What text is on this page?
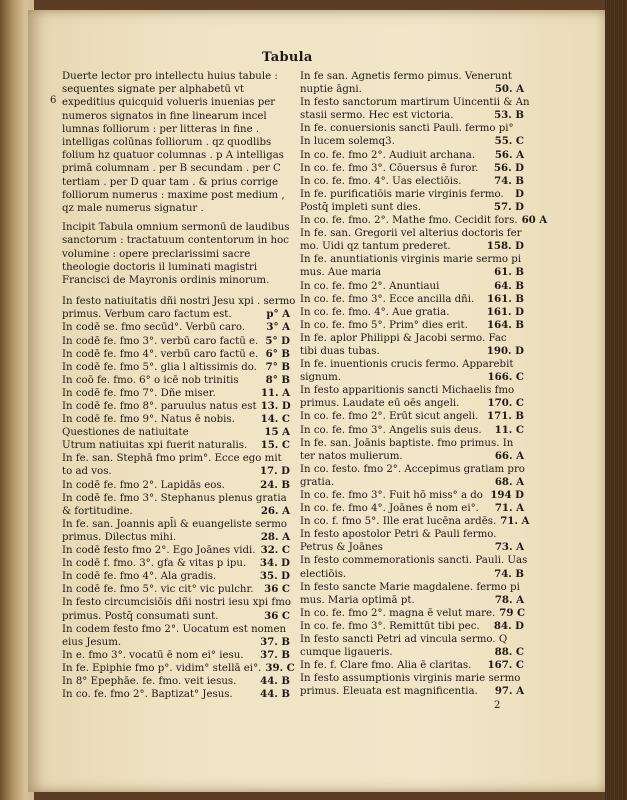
Tabula
6

Duerte lector pro intellectu huius tabule : sequentes signate per alphabetū vt expeditius quicquid volueris inuenias per numeros signatos in fine linearum incel lumnas folliorum : per litteras in fine . intelligas colūnas folliorum . qz quodlibs folium hz quatuor columnas . p A intelligas primā columnam . per B secundam . per C tertiam . per D quar tam . & prius corrige folliorum numerus : maxime post medium , qz male numerus signatur .

Incipit Tabula omnium sermonū de laudibus sanctorum : tractatuum contentorum in hoc volumine : opere preclarissimi sacre theologie doctoris il luminati magistri Francisci de Mayronis ordinis minorum.

In festo natiuitatis dñi nostri Jesu xpi . sermo
primus. Verbum caro factum est.	p° A
In codē se. fmo secūd°. Verbū caro.	3° A
In codē fe. fmo 3°. verbū caro factū e. 5° D
In codē fe. fmo 4°. verbū caro factū e. 6° B
In codē fe. fmo 5°. glia l altissimis do. 7° B
In coō fe. fmo. 6° o icē nob trinitis	8° B
In codē fe. fmo 7°. Dñe miser.	11. A
In codē fe. fmo 8°. paruulus natus est 13. D
In codē fe. fmo 9°. Natus ē nobis.	14. C
Questiones de natiuitate	15 A
Utrum natiuitas xpi fuerit naturalis.	15. C
In fe. san. Stephā fmo prim°. Ecce ego mit
to ad vos.	17. D
In codē fe. fmo 2°. Lapidās eos.	24. B
In codē fe. fmo 3°. Stephanus plenus gratia
& fortitudine.	26. A
In fe. san. Joannis apl̄i & euangeliste sermo
primus. Dilectus mihi.	28. A
In codē festo fmo 2°. Ego Joānes vidi. 32. C
In codē f. fmo. 3°. gfa & vitas p ipu.	34. D
In codē fe. fmo 4°. Ala gradis.	35. D
In codē fe. fmo 5°. vic cit° vic pulchr.	36 C
In festo circumcisiōis dñi nostri iesu xpi fmo
primus. Postq̄ consumati sunt.	36 C
In codem festo fmo 2°. Uocatum est nomen
eius Jesum.	37. B
In e. fmo 3°. vocatū ē nom ei° iesu.	37. B
In fe. Epiphie fmo p°. vidim° stellā ei°. 39. C
In 8° Epephāe. fe. fmo. veit iesus.	44. B
In co. fe. fmo 2°. Baptizat° Jesus.	44. B
In fe san. Agnetis fermo pimus. Venerunt
nuptie āgni.	50. A
In festo sanctorum martirum Uincentii & An
stasii sermo. Hec est victoria.	53. B
In fe. conuersionis sancti Pauli. fermo pi°
In lucem solemq3.	55. C
In co. fe. fmo 2°. Audiuit archana.	56. A
In co. fe. fmo 3°. Cōuersus ē furor.	56. D
In co. fe. fmo. 4°. Uas electiōis.	74. B
In fe. purificatiōis marie virginis fermo.	D
Postq̄ impleti sunt dies.	57. D
In co. fe. fmo. 2°. Mathe fmo. Cecidit fors. 60 A
In fe. san. Gregorii vel alterius doctoris fer
mo. Uidi qz tantum prederet.	158. D
In fe. anuntiationis virginis marie sermo pi
mus. Aue maria	61. B
In co. fe. fmo 2°. Anuntiaui	64. B
In co. fe. fmo 3°. Ecce ancilla dñi.	161. B
In co. fe. fmo. 4°. Aue gratia.	161. D
In co. fe. fmo 5°. Prim° dies erit.	164. B
In fe. aplor Philippi & Jacobi sermo. Fac
tibi duas tubas.	190. D
In fe. inuentionis crucis fermo. Apparebit
signum.	166. C
In festo apparitionis sancti Michaelis fmo
primus. Laudate eū oēs angeli.	170. C
In co. fe. fmo 2°. Erūt sicut angeli. 171. B
In co. fe. fmo 3°. Angelis suis deus.	11. C
In fe. san. Joānis baptiste. fmo primus. In
ter natos mulierum.	66. A
In co. festo. fmo 2°. Accepimus gratiam pro
gratia.	68. A
In co. fe. fmo 3°. Fuit hō miss° a do 194 D
In co. fe. fmo 4°. Joānes ē nom ei°.	71. A
In co. f. fmo 5°. Ille erat lucēna ardēs. 71. A
In festo apostolor Petri & Pauli fermo.
Petrus & Joānes	73. A
In festo commemorationis sancti. Pauli. Uas
electiōis.	74. B
In festo sancte Marie magdalene. fermo pi
mus. Maria optimā pt.	78. A
In co. fe. fmo 2°. magna ē velut mare. 79 C
In co. fe. fmo 3°. Remittūt tibi pec.	84. D
In festo sancti Petri ad vincula sermo. Q
cumque ligaueris.	88. C
In fe. f. Clare fmo. Alia ē claritas.	167. C
In festo assumptionis virginis marie sermo
primus. Eleuata est magnificentia.	97. A
2
